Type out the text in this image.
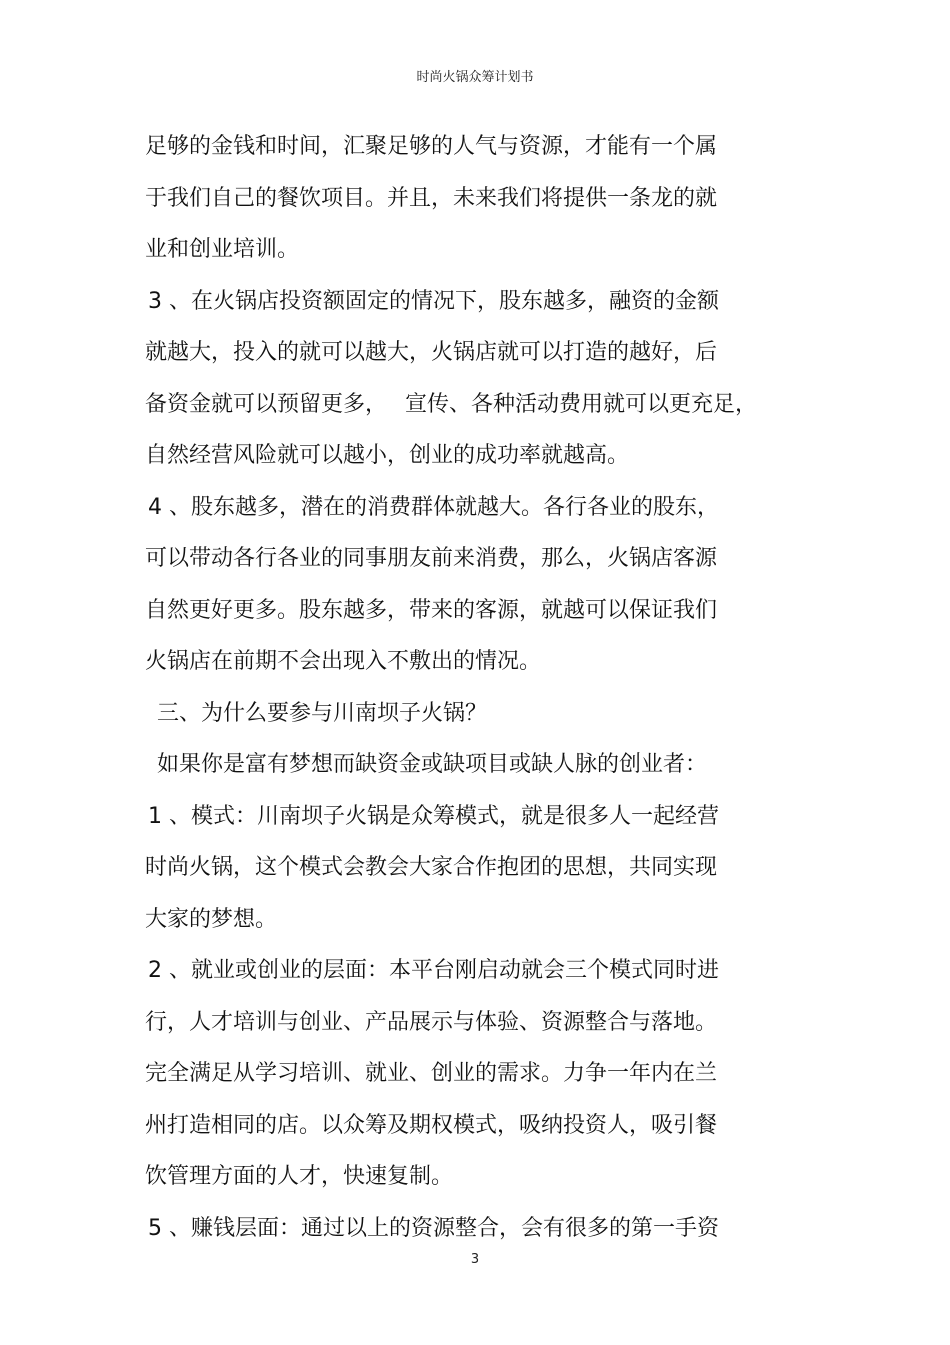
时尚火锅众筹计划书
足够的金钱和时间，汇聚足够的人气与资源，才能有一个属
于我们自己的餐饮项目。并且，未来我们将提供一条龙的就
业和创业培训。
3 、在火锅店投资额固定的情况下，股东越多，融资的金额
就越大，投入的就可以越大，火锅店就可以打造的越好，后
备资金就可以预留更多，　 宣传、各种活动费用就可以更充足，
自然经营风险就可以越小，创业的成功率就越高。
4 、股东越多，潜在的消费群体就越大。各行各业的股东，
可以带动各行各业的同事朋友前来消费，那么，火锅店客源
自然更好更多。股东越多，带来的客源，就越可以保证我们
火锅店在前期不会出现入不敷出的情况。
三、为什么要参与川南坝子火锅？
如果你是富有梦想而缺资金或缺项目或缺人脉的创业者：
1 、模式：川南坝子火锅是众筹模式，就是很多人一起经营
时尚火锅，这个模式会教会大家合作抱团的思想，共同实现
大家的梦想。
2 、就业或创业的层面：本平台刚启动就会三个模式同时进
行，人才培训与创业、产品展示与体验、资源整合与落地。
完全满足从学习培训、就业、创业的需求。力争一年内在兰
州打造相同的店。以众筹及期权模式，吸纳投资人，吸引餐
饮管理方面的人才，快速复制。
5 、赚钱层面：通过以上的资源整合，会有很多的第一手资
3
